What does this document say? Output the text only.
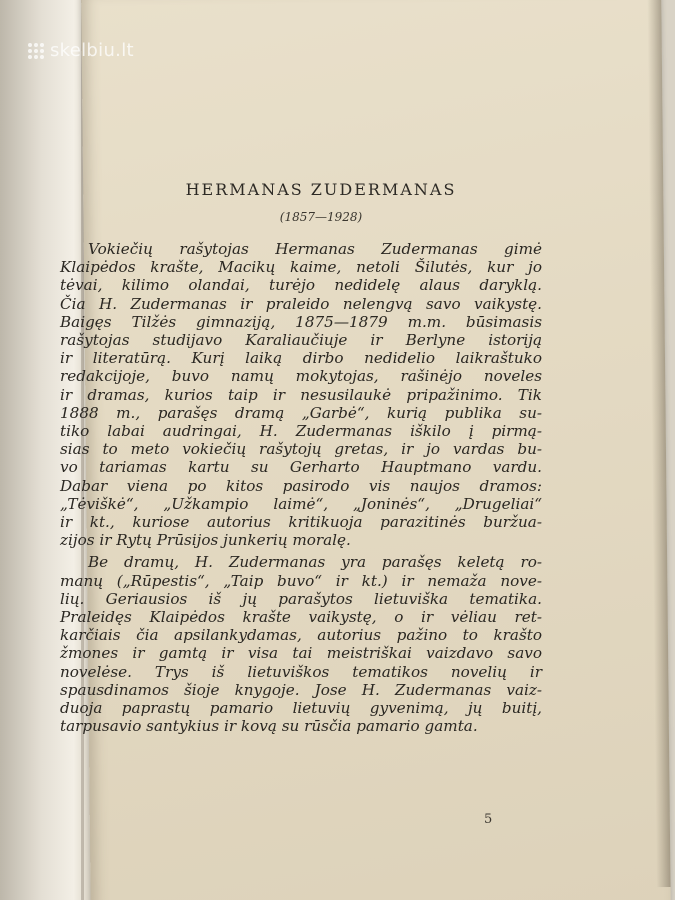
skelbiu.lt
HERMANAS ZUDERMANAS
(1857—1928)
Vokiečių rašytojas Hermanas Zudermanas gimė
Klaipėdos krašte, Macikų kaime, netoli Šilutės, kur jo
tėvai, kilimo olandai, turėjo nedidelę alaus daryklą.
Čia H. Zudermanas ir praleido nelengvą savo vaikystę.
Baigęs Tilžės gimnaziją, 1875—1879 m.m. būsimasis
rašytojas studijavo Karaliaučiuje ir Berlyne istoriją
ir literatūrą. Kurį laiką dirbo nedidelio laikraštuko
redakcijoje, buvo namų mokytojas, rašinėjo noveles
ir dramas, kurios taip ir nesusilaukė pripažinimo. Tik
1888 m., parašęs dramą „Garbė“, kurią publika su-
tiko labai audringai, H. Zudermanas iškilo į pirmą-
sias to meto vokiečių rašytojų gretas, ir jo vardas bu-
vo tariamas kartu su Gerharto Hauptmano vardu.
Dabar viena po kitos pasirodo vis naujos dramos:
„Tėviškė“, „Užkampio laimė“, „Joninės“, „Drugeliai“
ir kt., kuriose autorius kritikuoja parazitinės buržua-
zijos ir Rytų Prūsijos junkerių moralę.
Be dramų, H. Zudermanas yra parašęs keletą ro-
manų („Rūpestis“, „Taip buvo“ ir kt.) ir nemaža nove-
lių. Geriausios iš jų parašytos lietuviška tematika.
Praleidęs Klaipėdos krašte vaikystę, o ir vėliau ret-
karčiais čia apsilankydamas, autorius pažino to krašto
žmones ir gamtą ir visa tai meistriškai vaizdavo savo
novelėse. Trys iš lietuviškos tematikos novelių ir
spausdinamos šioje knygoje. Jose H. Zudermanas vaiz-
duoja paprastų pamario lietuvių gyvenimą, jų buitį,
tarpusavio santykius ir kovą su rūsčia pamario gamta.
5
